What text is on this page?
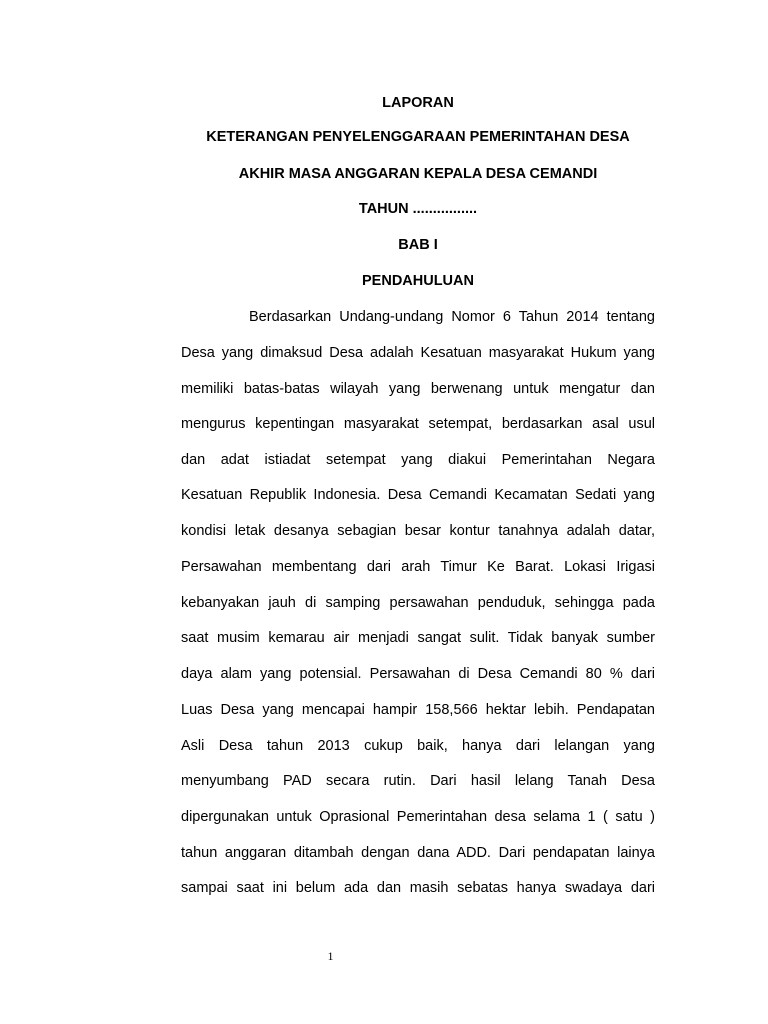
LAPORAN
KETERANGAN PENYELENGGARAAN PEMERINTAHAN DESA
AKHIR MASA ANGGARAN KEPALA DESA CEMANDI
TAHUN ................
BAB I
PENDAHULUAN
Berdasarkan Undang-undang Nomor 6 Tahun 2014 tentang
Desa yang dimaksud Desa adalah Kesatuan masyarakat Hukum yang
memiliki batas-batas wilayah yang berwenang untuk mengatur dan
mengurus kepentingan masyarakat setempat, berdasarkan asal usul
dan adat istiadat setempat yang diakui Pemerintahan Negara
Kesatuan Republik Indonesia. Desa Cemandi Kecamatan Sedati yang
kondisi letak desanya sebagian besar kontur tanahnya adalah datar,
Persawahan membentang dari arah Timur Ke Barat. Lokasi Irigasi
kebanyakan jauh di samping persawahan penduduk, sehingga pada
saat musim kemarau air menjadi sangat sulit. Tidak banyak sumber
daya alam yang potensial. Persawahan di Desa Cemandi 80 % dari
Luas Desa yang mencapai hampir 158,566 hektar lebih. Pendapatan
Asli Desa tahun 2013 cukup baik, hanya dari lelangan yang
menyumbang PAD secara rutin. Dari hasil lelang Tanah Desa
dipergunakan untuk Oprasional Pemerintahan desa selama 1 ( satu )
tahun anggaran ditambah dengan dana ADD. Dari pendapatan lainya
sampai saat ini belum ada dan masih sebatas hanya swadaya dari
1
